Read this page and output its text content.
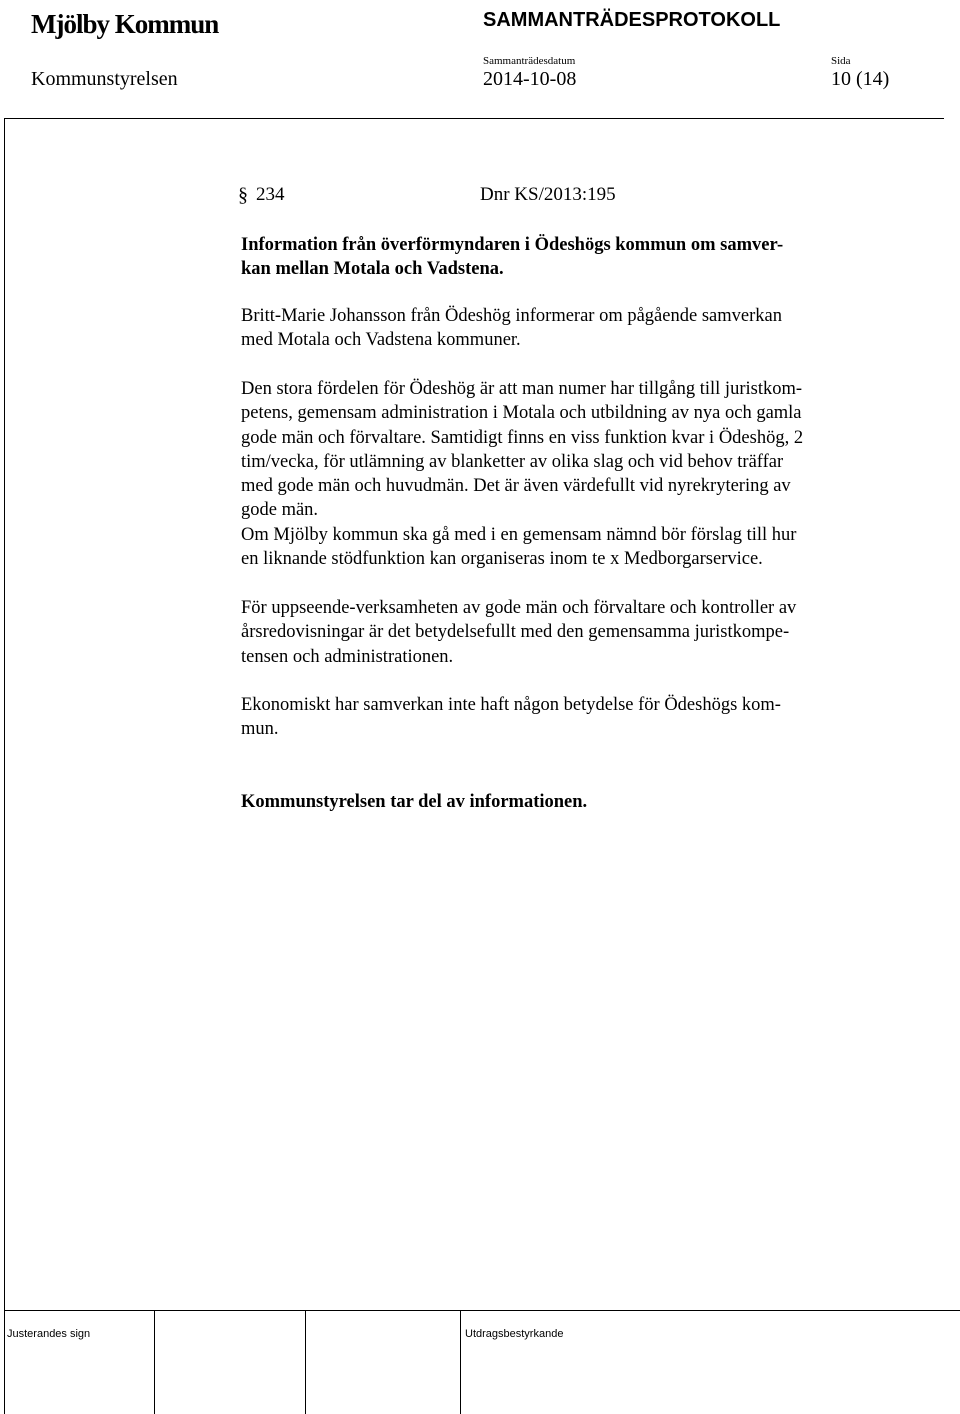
Mjölby Kommun	SAMMANTRÄDESPROTOKOLL
Sammanträdesdatum	Sida
Kommunstyrelsen	2014-10-08	10 (14)
§ 234	Dnr KS/2013:195
Information från överförmyndaren i Ödeshögs kommun om samver-
kan mellan Motala och Vadstena.
Britt-Marie Johansson från Ödeshög informerar om pågående samverkan
med Motala och Vadstena kommuner.
Den stora fördelen för Ödeshög är att man numer har tillgång till juristkom-
petens, gemensam administration i Motala och utbildning av nya och gamla
gode män och förvaltare. Samtidigt finns en viss funktion kvar i Ödeshög, 2
tim/vecka, för utlämning av blanketter av olika slag och vid behov träffar
med gode män och huvudmän. Det är även värdefullt vid nyrekrytering av
gode män.
Om Mjölby kommun ska gå med i en gemensam nämnd bör förslag till hur
en liknande stödfunktion kan organiseras inom te x Medborgarservice.
För uppseende-verksamheten av gode män och förvaltare och kontroller av
årsredovisningar är det betydelsefullt med den gemensamma juristkompe-
tensen och administrationen.
Ekonomiskt har samverkan inte haft någon betydelse för Ödeshögs kom-
mun.
Kommunstyrelsen tar del av informationen.
Justerandes sign	Utdragsbestyrkande
